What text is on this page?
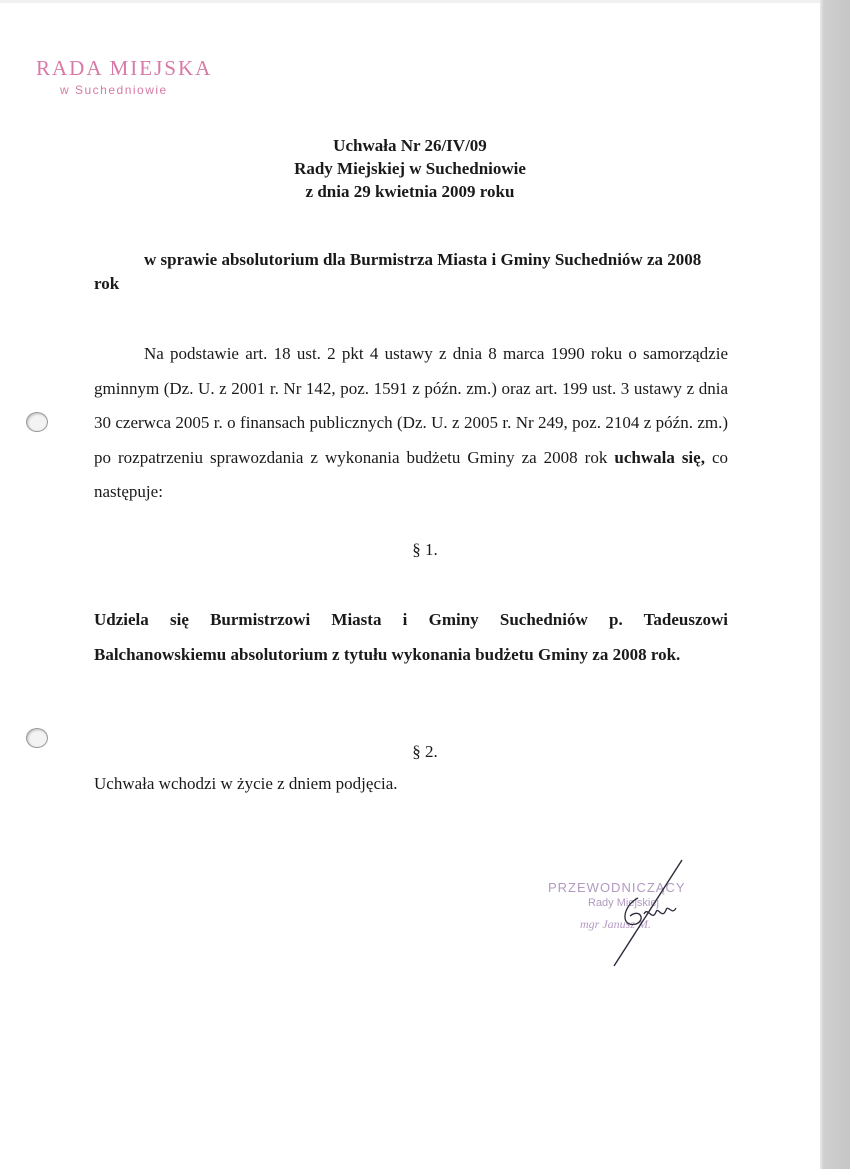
RADA MIEJSKA
w Suchedniowie
Uchwała Nr 26/IV/09
Rady Miejskiej w Suchedniowie
z dnia 29 kwietnia 2009 roku
w sprawie absolutorium dla Burmistrza Miasta i Gminy Suchedniów za 2008 rok
Na podstawie art. 18 ust. 2 pkt 4 ustawy z dnia 8 marca 1990 roku o samorządzie gminnym (Dz. U. z 2001 r. Nr 142, poz. 1591 z późn. zm.) oraz art. 199 ust. 3 ustawy z dnia 30 czerwca 2005 r. o finansach publicznych (Dz. U. z 2005 r. Nr 249, poz. 2104 z późn. zm.) po rozpatrzeniu sprawozdania z wykonania budżetu Gminy za 2008 rok uchwala się, co następuje:
§ 1.
Udziela się Burmistrzowi Miasta i Gminy Suchedniów p. Tadeuszowi Balchanowskiemu absolutorium z tytułu wykonania budżetu Gminy za 2008 rok.
§ 2.
Uchwała wchodzi w życie z dniem podjęcia.
PRZEWODNICZĄCY
Rady Miejskiej
mgr Janusz M.
